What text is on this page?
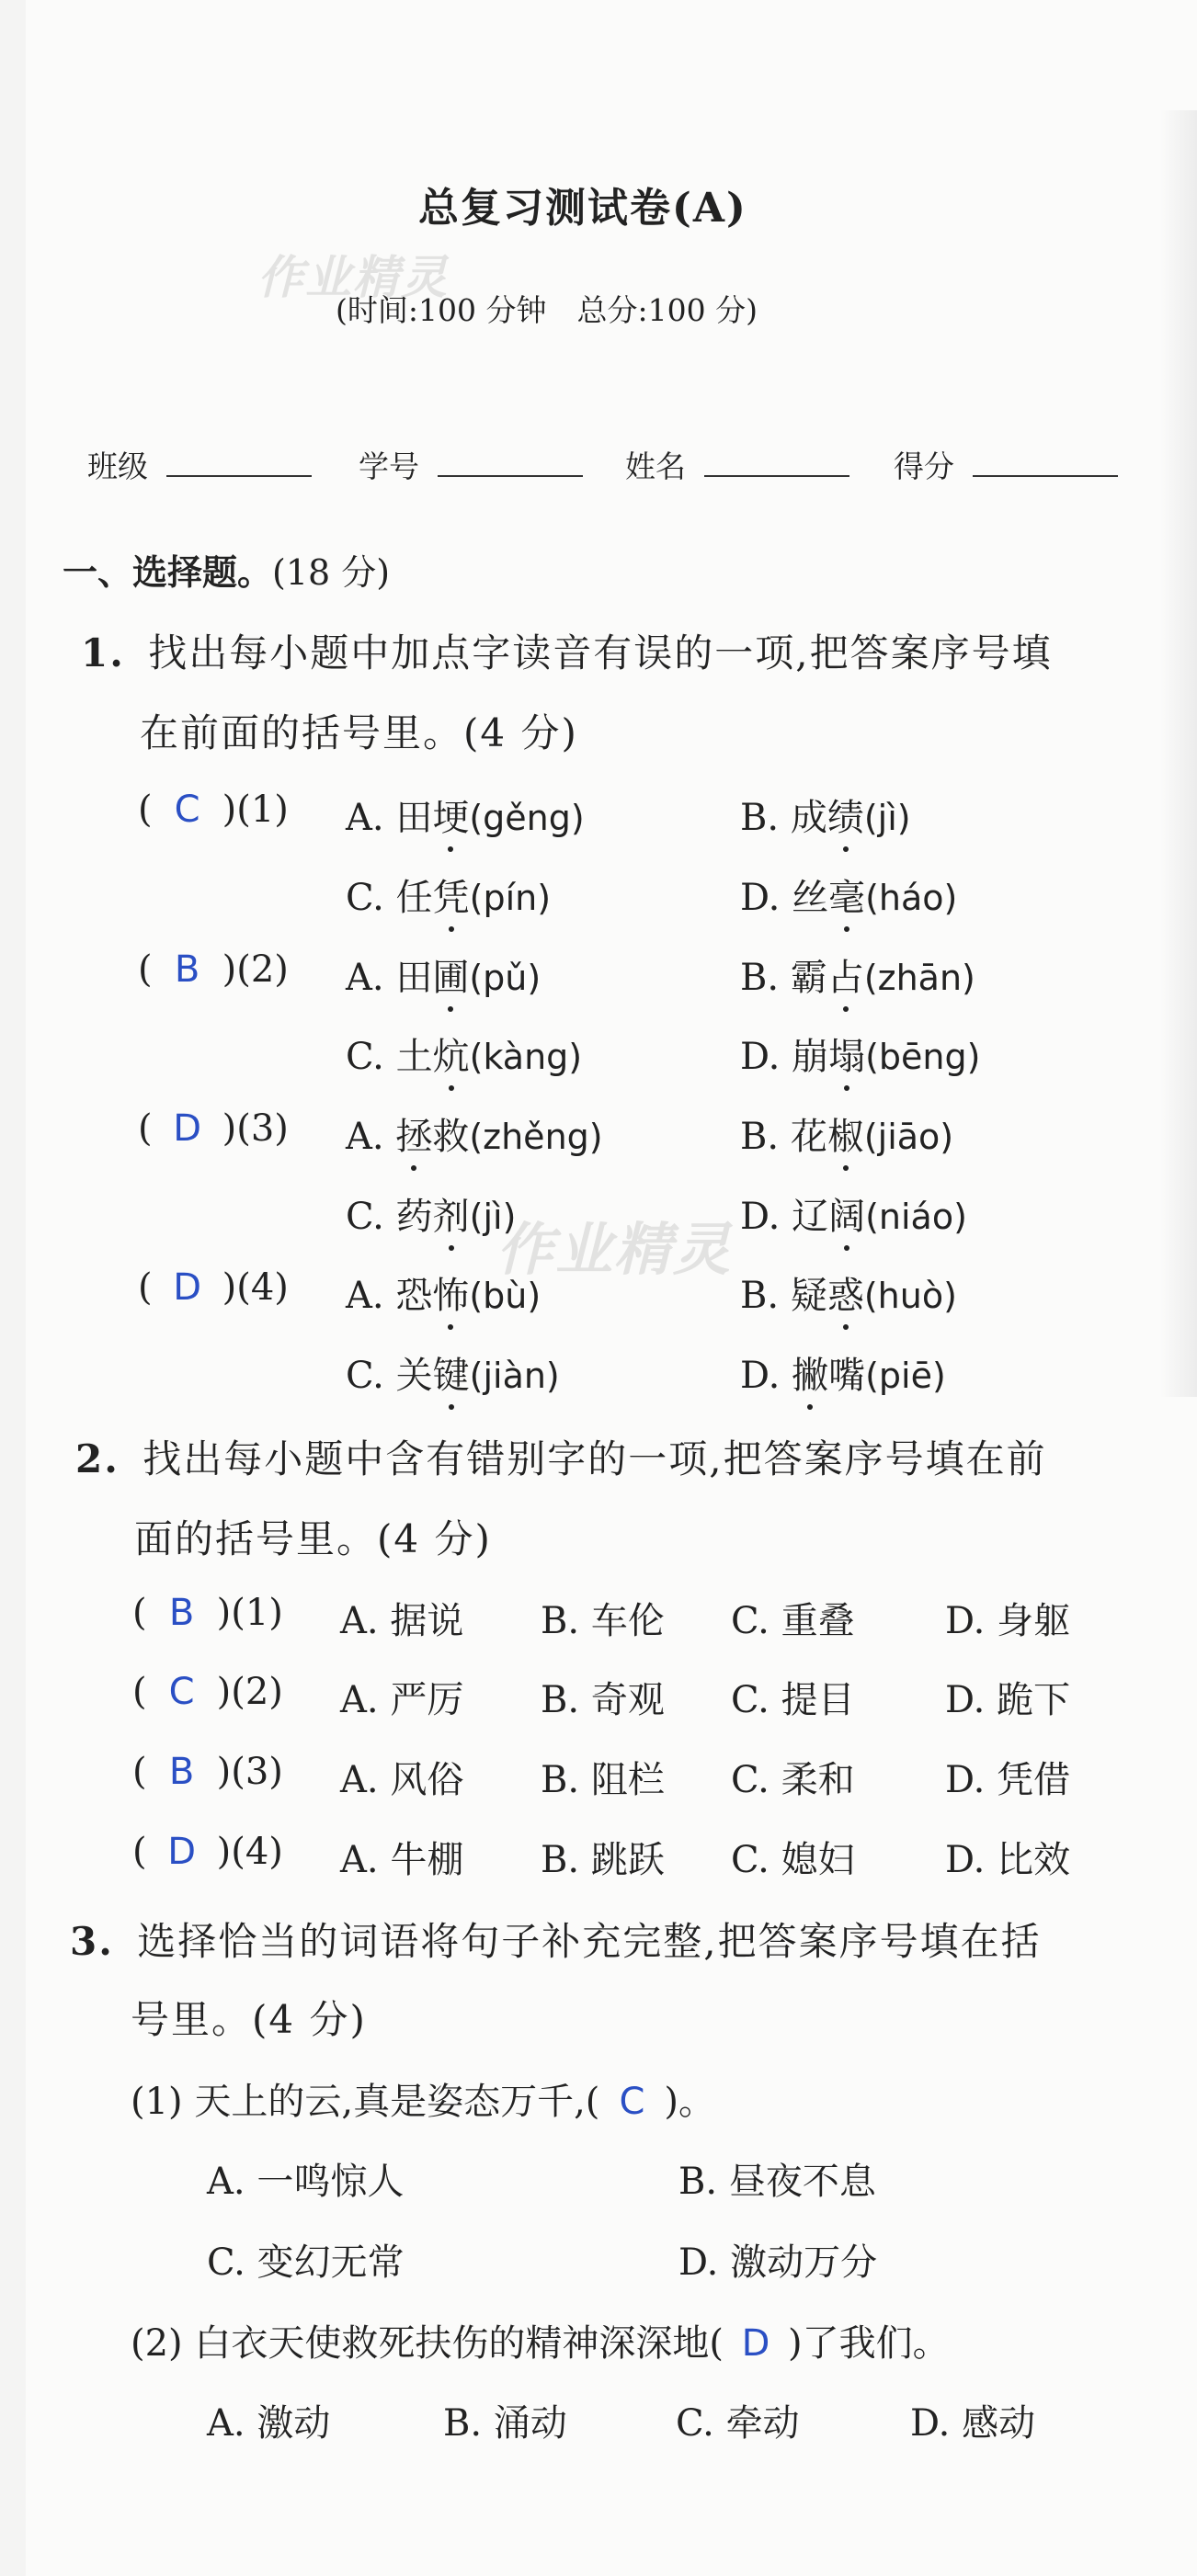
作业精灵
作业精灵
总复习测试卷(A)
(时间:100 分钟　总分:100 分)
班级	学号	姓名	得分
一、选择题。(18 分)
1. 找出每小题中加点字读音有误的一项,把答案序号填
在前面的括号里。(4 分)
( C )(1) A. 田埂(gěng)	B. 成绩(jì)
C. 任凭(pín)	D. 丝毫(háo)
( B )(2) A. 田圃(pǔ)	B. 霸占(zhān)
C. 土炕(kàng)	D. 崩塌(bēng)
( D )(3) A. 拯救(zhěng)	B. 花椒(jiāo)
C. 药剂(jì)	D. 辽阔(niáo)
( D )(4) A. 恐怖(bù)	B. 疑惑(huò)
C. 关键(jiàn)	D. 撇嘴(piē)
2. 找出每小题中含有错别字的一项,把答案序号填在前
面的括号里。(4 分)
( B )(1) A. 据说 B. 车伦 C. 重叠 D. 身躯
( C )(2) A. 严厉 B. 奇观 C. 提目 D. 跪下
( B )(3) A. 风俗 B. 阻栏 C. 柔和 D. 凭借
( D )(4) A. 牛棚 B. 跳跃 C. 媳妇 D. 比效
3. 选择恰当的词语将句子补充完整,把答案序号填在括
号里。(4 分)
(1) 天上的云,真是姿态万千,( C )。
A. 一鸣惊人	B. 昼夜不息
C. 变幻无常	D. 激动万分
(2) 白衣天使救死扶伤的精神深深地( D )了我们。
A. 激动	B. 涌动	C. 牵动	D. 感动
